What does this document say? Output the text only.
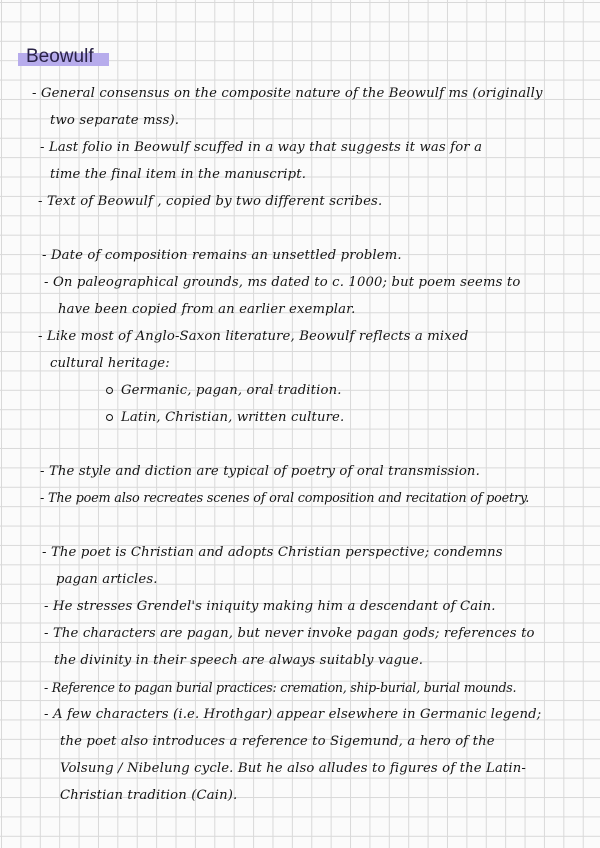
Beowulf
- General consensus on the composite nature of the Beowulf ms (originally
two separate mss).
- Last folio in Beowulf scuffed in a way that suggests it was for a
time the final item in the manuscript.
- Text of Beowulf , copied by two different scribes.
- Date of composition remains an unsettled problem.
- On paleographical grounds, ms dated to c. 1000; but poem seems to
have been copied from an earlier exemplar.
- Like most of Anglo-Saxon literature, Beowulf reflects a mixed
cultural heritage:
Germanic, pagan, oral tradition.
Latin, Christian, written culture.
- The style and diction are typical of poetry of oral transmission.
- The poem also recreates scenes of oral composition and recitation of poetry.
- The poet is Christian and adopts Christian perspective; condemns
pagan articles.
- He stresses Grendel's iniquity making him a descendant of Cain.
- The characters are pagan, but never invoke pagan gods; references to
the divinity in their speech are always suitably vague.
- Reference to pagan burial practices: cremation, ship-burial, burial mounds.
- A few characters (i.e. Hrothgar) appear elsewhere in Germanic legend;
the poet also introduces a reference to Sigemund, a hero of the
Volsung / Nibelung cycle. But he also alludes to figures of the Latin-
Christian tradition (Cain).
